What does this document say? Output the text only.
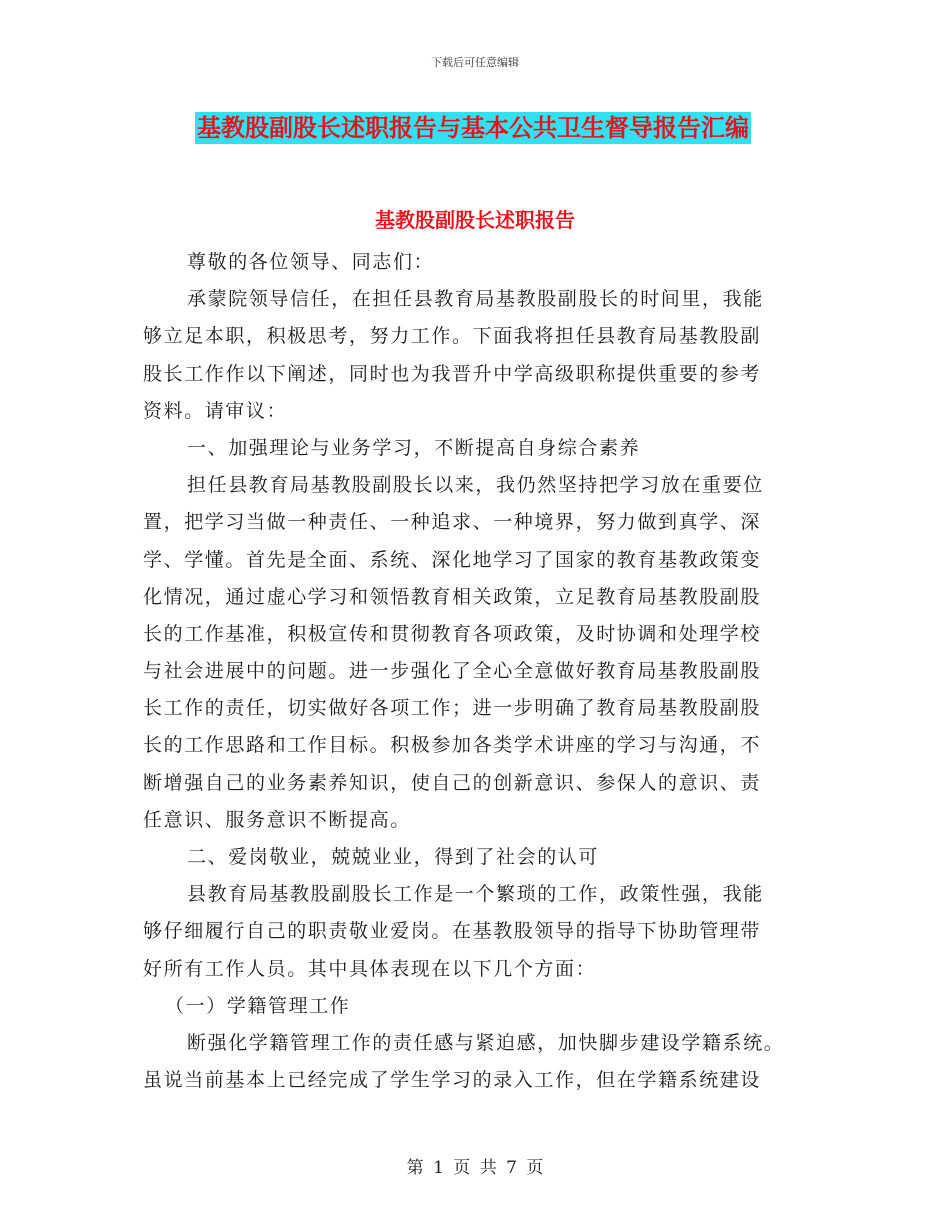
下载后可任意编辑
基教股副股长述职报告与基本公共卫生督导报告汇编
基教股副股长述职报告
尊敬的各位领导、同志们：
承蒙院领导信任，在担任县教育局基教股副股长的时间里，我能
够立足本职，积极思考，努力工作。下面我将担任县教育局基教股副
股长工作作以下阐述，同时也为我晋升中学高级职称提供重要的参考
资料。请审议：
一、加强理论与业务学习，不断提高自身综合素养
担任县教育局基教股副股长以来，我仍然坚持把学习放在重要位
置，把学习当做一种责任、一种追求、一种境界，努力做到真学、深
学、学懂。首先是全面、系统、深化地学习了国家的教育基教政策变
化情况，通过虚心学习和领悟教育相关政策，立足教育局基教股副股
长的工作基准，积极宣传和贯彻教育各项政策，及时协调和处理学校
与社会进展中的问题。进一步强化了全心全意做好教育局基教股副股
长工作的责任，切实做好各项工作；进一步明确了教育局基教股副股
长的工作思路和工作目标。积极参加各类学术讲座的学习与沟通，不
断增强自己的业务素养知识，使自己的创新意识、参保人的意识、责
任意识、服务意识不断提高。
二、爱岗敬业，兢兢业业，得到了社会的认可
县教育局基教股副股长工作是一个繁琐的工作，政策性强，我能
够仔细履行自己的职责敬业爱岗。在基教股领导的指导下协助管理带
好所有工作人员。其中具体表现在以下几个方面：
（一）学籍管理工作
断强化学籍管理工作的责任感与紧迫感，加快脚步建设学籍系统。
虽说当前基本上已经完成了学生学习的录入工作，但在学籍系统建设
第 1 页 共 7 页
